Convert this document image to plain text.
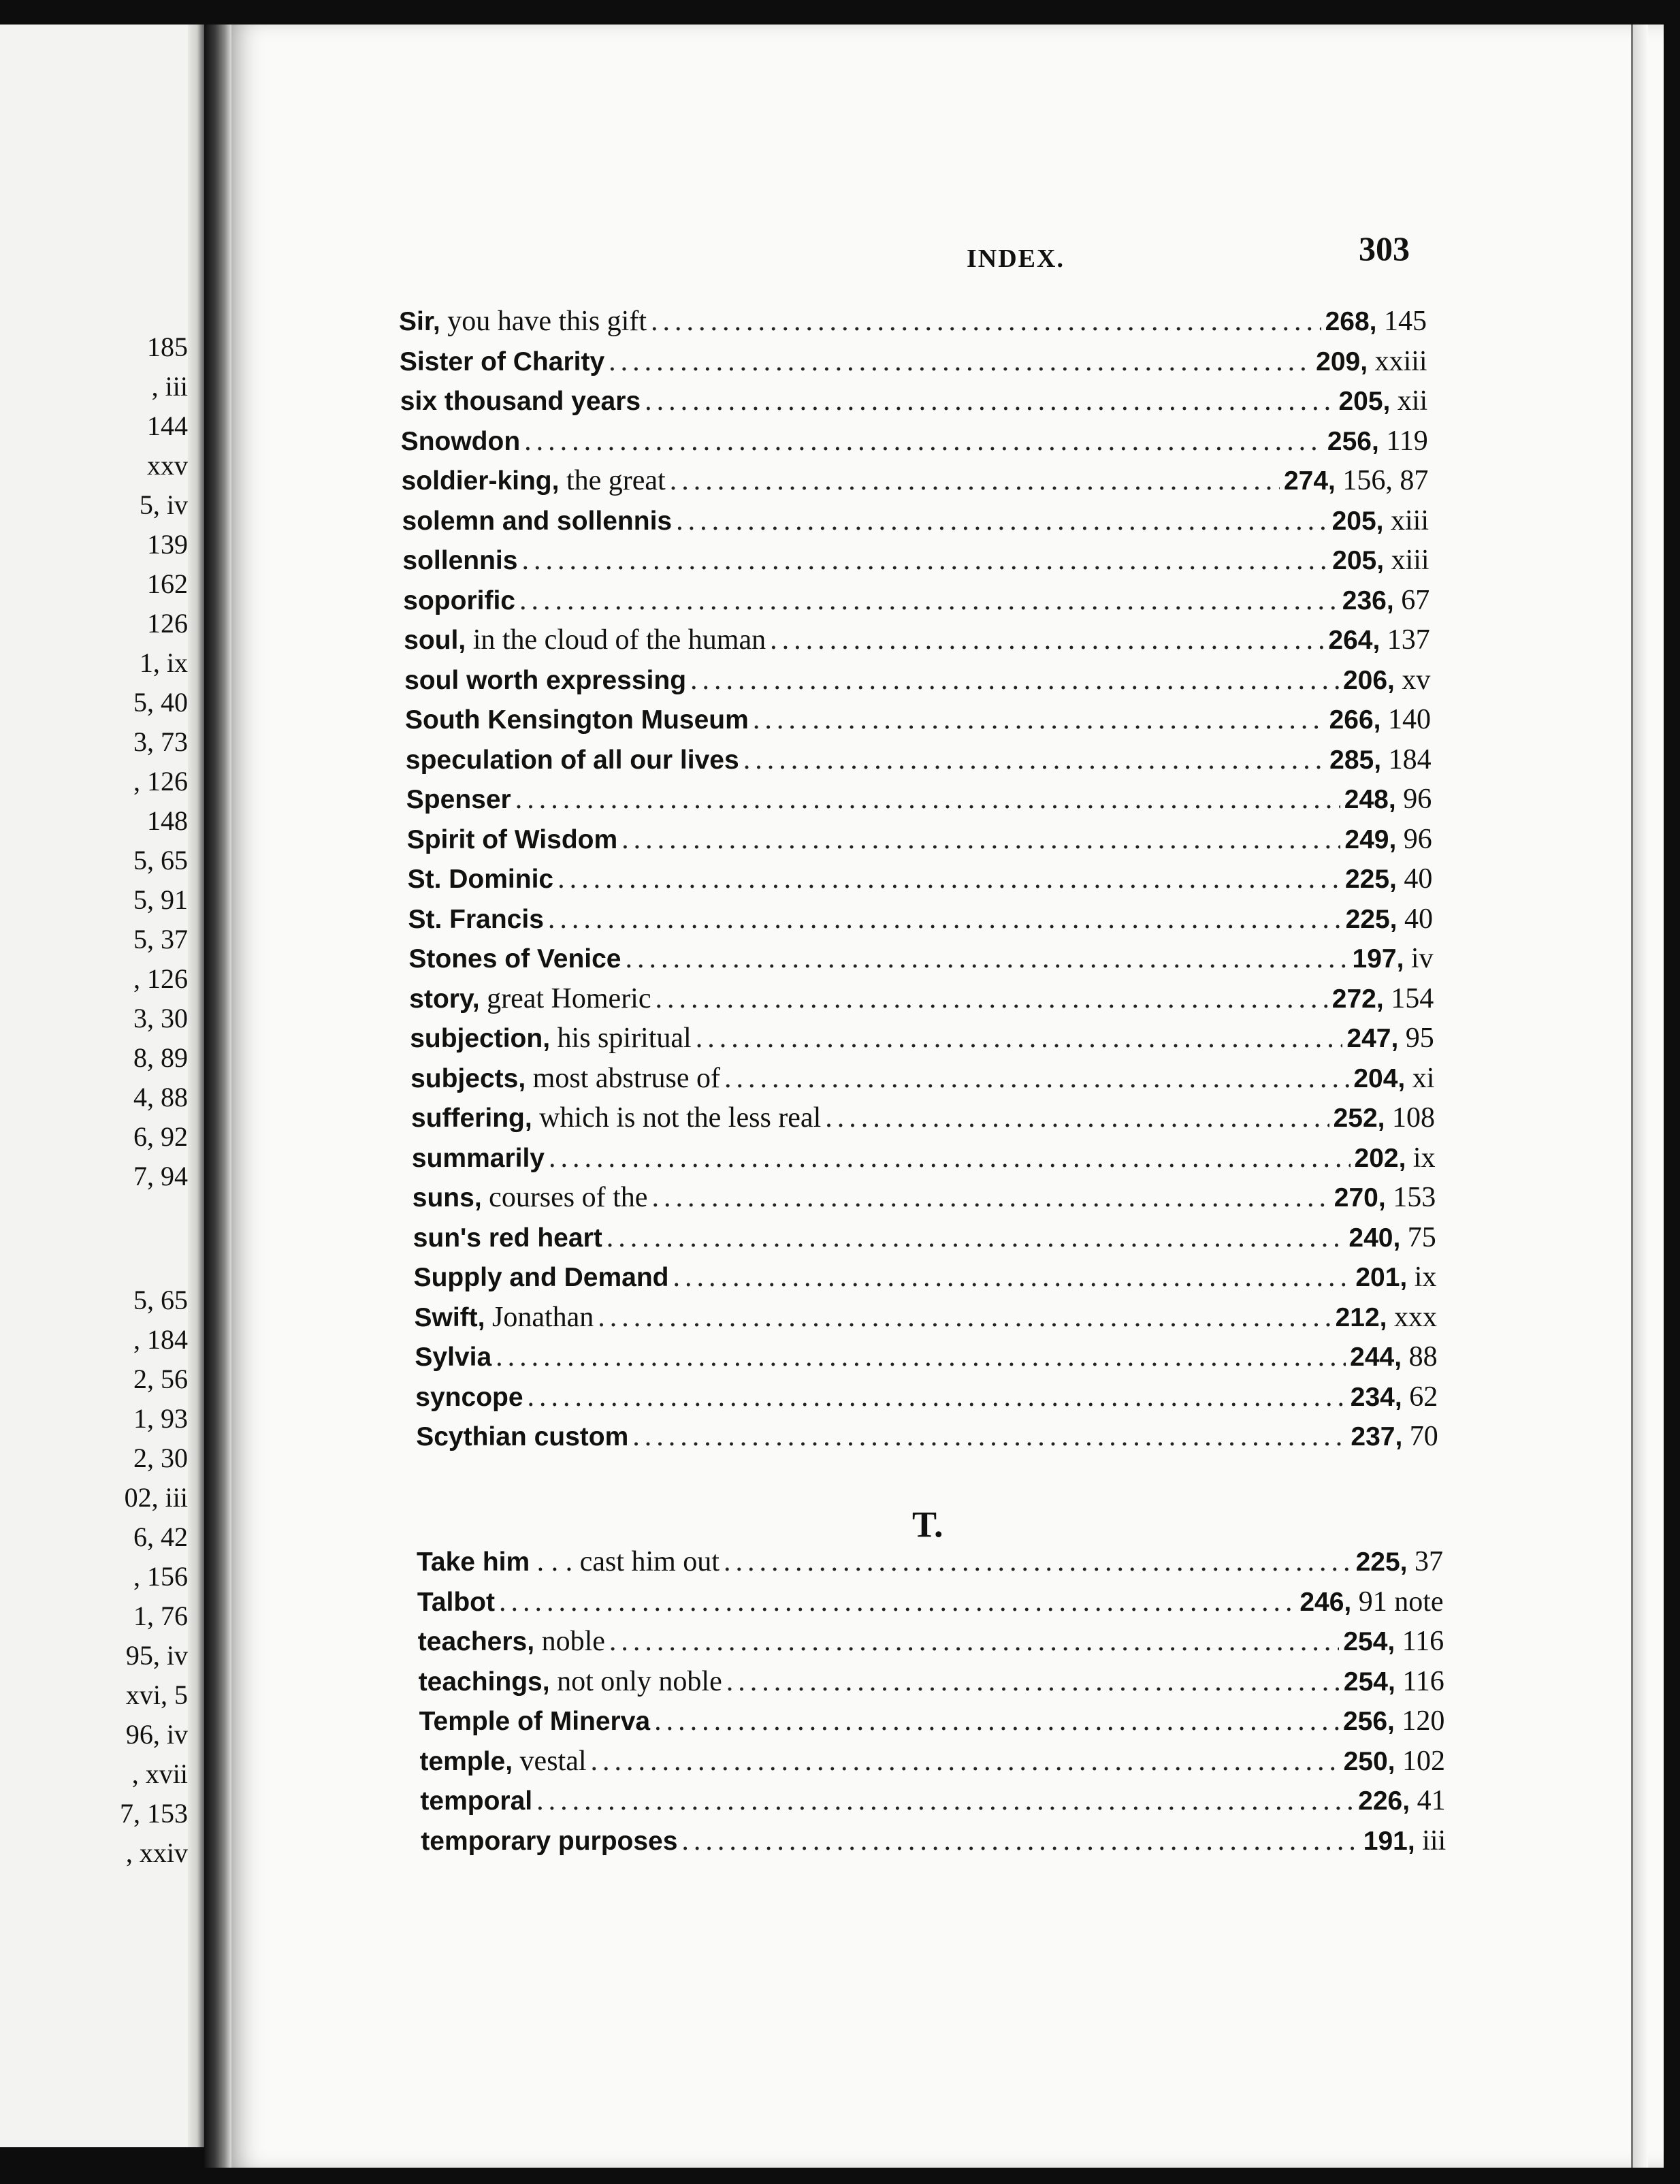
185
, iii
144
xxv
5, iv
139
162
126
1, ix
5, 40
3, 73
, 126
148
5, 65
5, 91
5, 37
, 126
3, 30
8, 89
4, 88
6, 92
7, 94
5, 65
, 184
2, 56
1, 93
2, 30
02, iii
6, 42
, 156
1, 76
95, iv
xvi, 5
96, iv
, xvii
7, 153
, xxiv
INDEX.	303
Sir, you have this gift .....	268, 145
Sister of Charity .....	209, xxiii
six thousand years .....	205, xii
Snowdon .....	256, 119
soldier-king, the great .....	274, 156, 87
solemn and sollennis .....	205, xiii
sollennis .....	205, xiii
soporific .....	236, 67
soul, in the cloud of the human .....	264, 137
soul worth expressing .....	206, xv
South Kensington Museum .....	266, 140
speculation of all our lives .....	285, 184
Spenser .....	248, 96
Spirit of Wisdom .....	249, 96
St. Dominic .....	225, 40
St. Francis .....	225, 40
Stones of Venice .....	197, iv
story, great Homeric .....	272, 154
subjection, his spiritual .....	247, 95
subjects, most abstruse of .....	204, xi
suffering, which is not the less real .....	252, 108
summarily .....	202, ix
suns, courses of the .....	270, 153
sun's red heart .....	240, 75
Supply and Demand .....	201, ix
Swift, Jonathan .....	212, xxx
Sylvia .....	244, 88
syncope .....	234, 62
Scythian custom .....	237, 70
T.
Take him . . . cast him out .....	225, 37
Talbot .....	246, 91 note
teachers, noble .....	254, 116
teachings, not only noble .....	254, 116
Temple of Minerva .....	256, 120
temple, vestal .....	250, 102
temporal .....	226, 41
temporary purposes .....	191, iii
